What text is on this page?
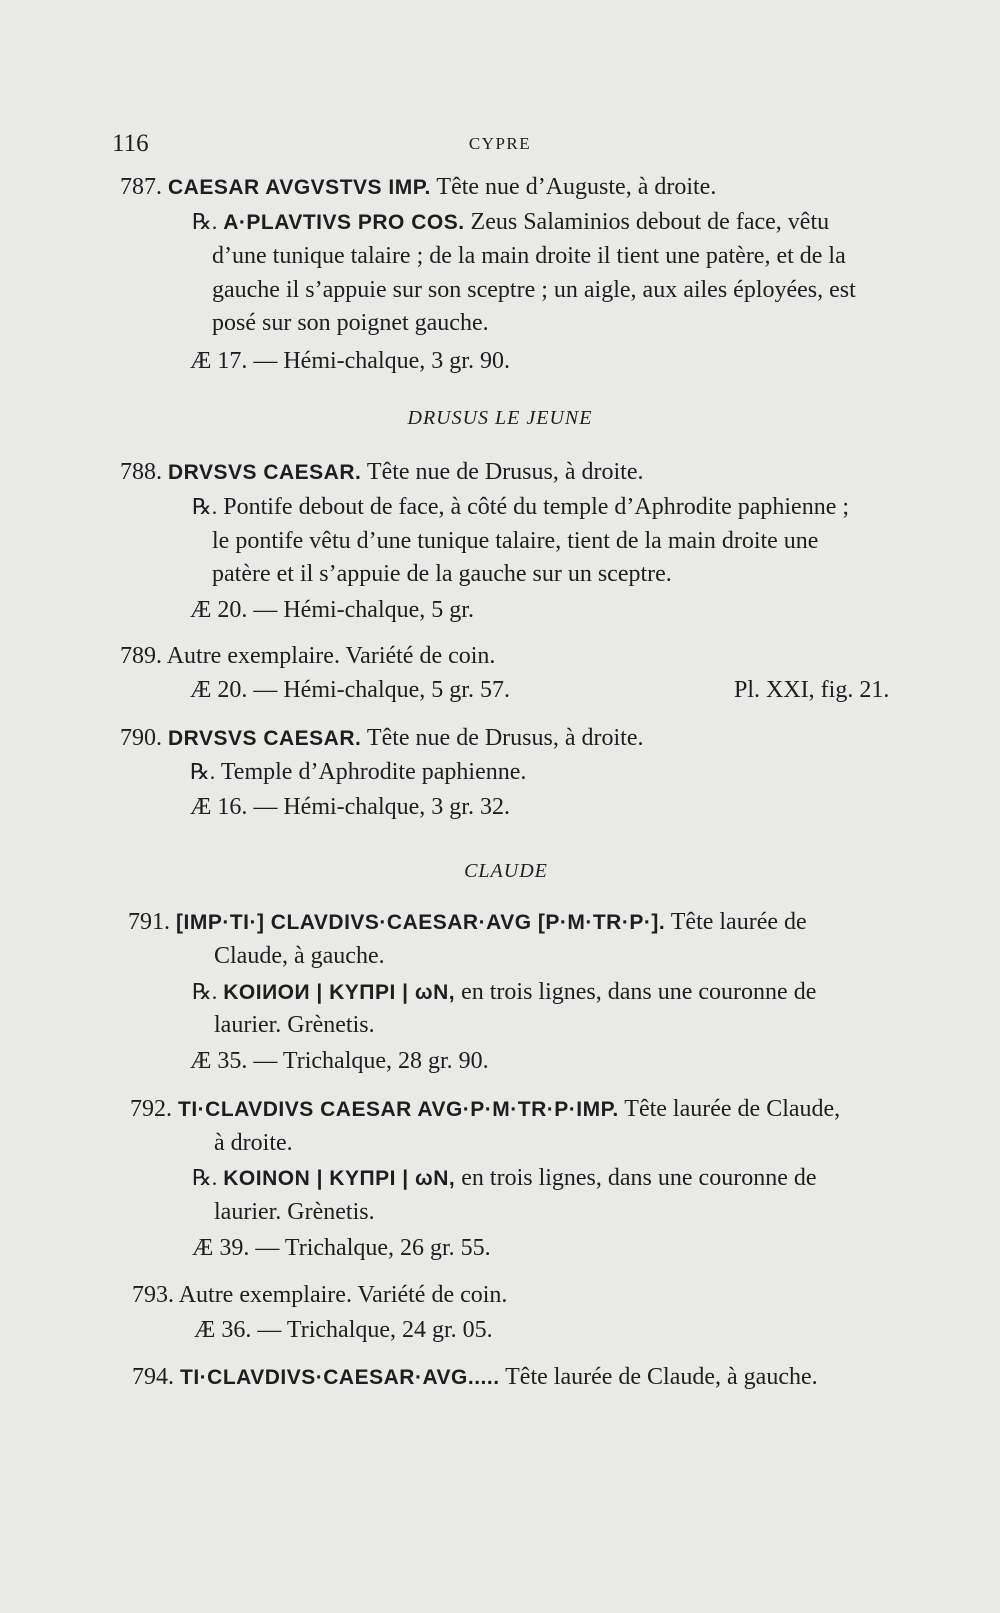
116	CYPRE
787. CAESAR AVGVSTVS IMP. Tête nue d’Auguste, à droite.
℞. A·PLAVTIVS PRO COS. Zeus Salaminios debout de face, vêtu
d’une tunique talaire ; de la main droite il tient une patère, et de la
gauche il s’appuie sur son sceptre ; un aigle, aux ailes éployées, est
posé sur son poignet gauche.
Æ 17. — Hémi-chalque, 3 gr. 90.
DRUSUS LE JEUNE
788. DRVSVS CAESAR. Tête nue de Drusus, à droite.
℞. Pontife debout de face, à côté du temple d’Aphrodite paphienne ;
le pontife vêtu d’une tunique talaire, tient de la main droite une
patère et il s’appuie de la gauche sur un sceptre.
Æ 20. — Hémi-chalque, 5 gr.
789. Autre exemplaire. Variété de coin.
Æ 20. — Hémi-chalque, 5 gr. 57.	Pl. XXI, fig. 21.
790. DRVSVS CAESAR. Tête nue de Drusus, à droite.
℞. Temple d’Aphrodite paphienne.
Æ 16. — Hémi-chalque, 3 gr. 32.
CLAUDE
791. [IMP·TI·] CLAVDIVS·CAESAR·AVG [P·M·TR·P·]. Tête laurée de
Claude, à gauche.
℞. KOIИOИ | KYΠPI | ωN, en trois lignes, dans une couronne de
laurier. Grènetis.
Æ 35. — Trichalque, 28 gr. 90.
792. TI·CLAVDIVS CAESAR AVG·P·M·TR·P·IMP. Tête laurée de Claude,
à droite.
℞. KOINON | KYΠPI | ωN, en trois lignes, dans une couronne de
laurier. Grènetis.
Æ 39. — Trichalque, 26 gr. 55.
793. Autre exemplaire. Variété de coin.
Æ 36. — Trichalque, 24 gr. 05.
794. TI·CLAVDIVS·CAESAR·AVG..... Tête laurée de Claude, à gauche.
